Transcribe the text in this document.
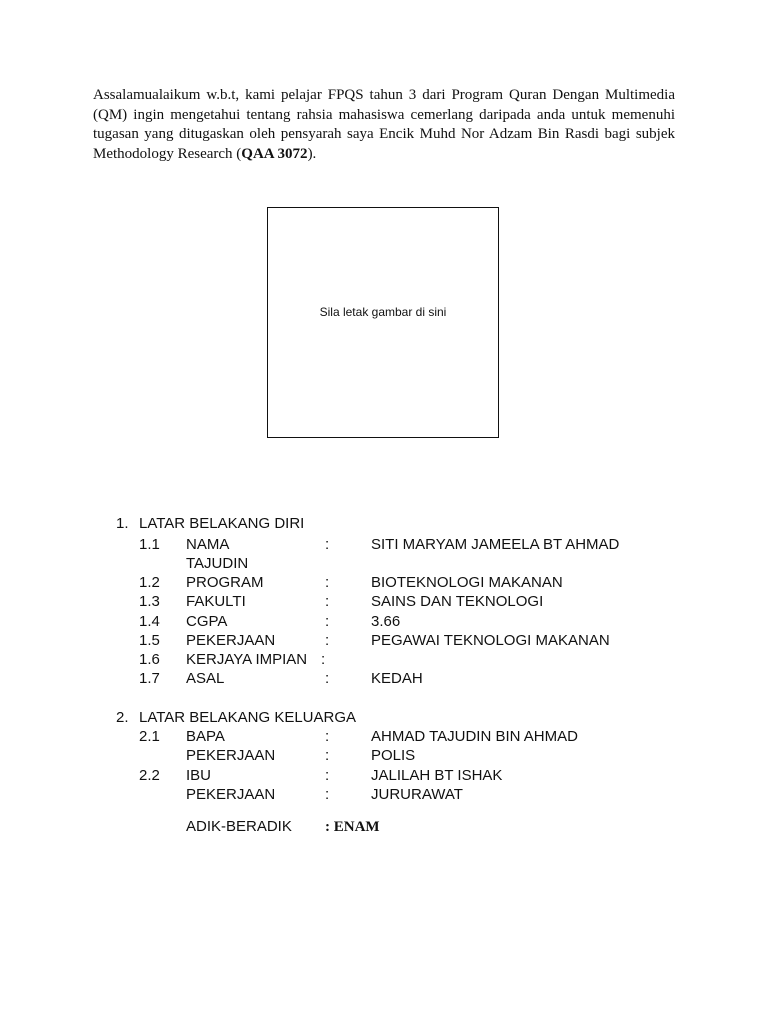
Assalamualaikum w.b.t, kami pelajar FPQS tahun 3 dari Program Quran Dengan Multimedia
(QM) ingin mengetahui tentang rahsia mahasiswa cemerlang daripada anda untuk memenuhi
tugasan yang ditugaskan oleh pensyarah saya Encik Muhd Nor Adzam Bin Rasdi bagi subjek
Methodology Research (QAA 3072).
Sila letak gambar di sini
1. LATAR BELAKANG DIRI
1.1 NAMA	:	SITI MARYAM JAMEELA BT AHMAD
TAJUDIN
1.2 PROGRAM	:	BIOTEKNOLOGI MAKANAN
1.3 FAKULTI	:	SAINS DAN TEKNOLOGI
1.4 CGPA	:	3.66
1.5 PEKERJAAN	:	PEGAWAI TEKNOLOGI MAKANAN
1.6 KERJAYA IMPIAN :
1.7 ASAL	:	KEDAH
2. LATAR BELAKANG KELUARGA
2.1 BAPA	:	AHMAD TAJUDIN BIN AHMAD
PEKERJAAN	:	POLIS
2.2 IBU	:	JALILAH BT ISHAK
PEKERJAAN	:	JURURAWAT
ADIK-BERADIK : ENAM
